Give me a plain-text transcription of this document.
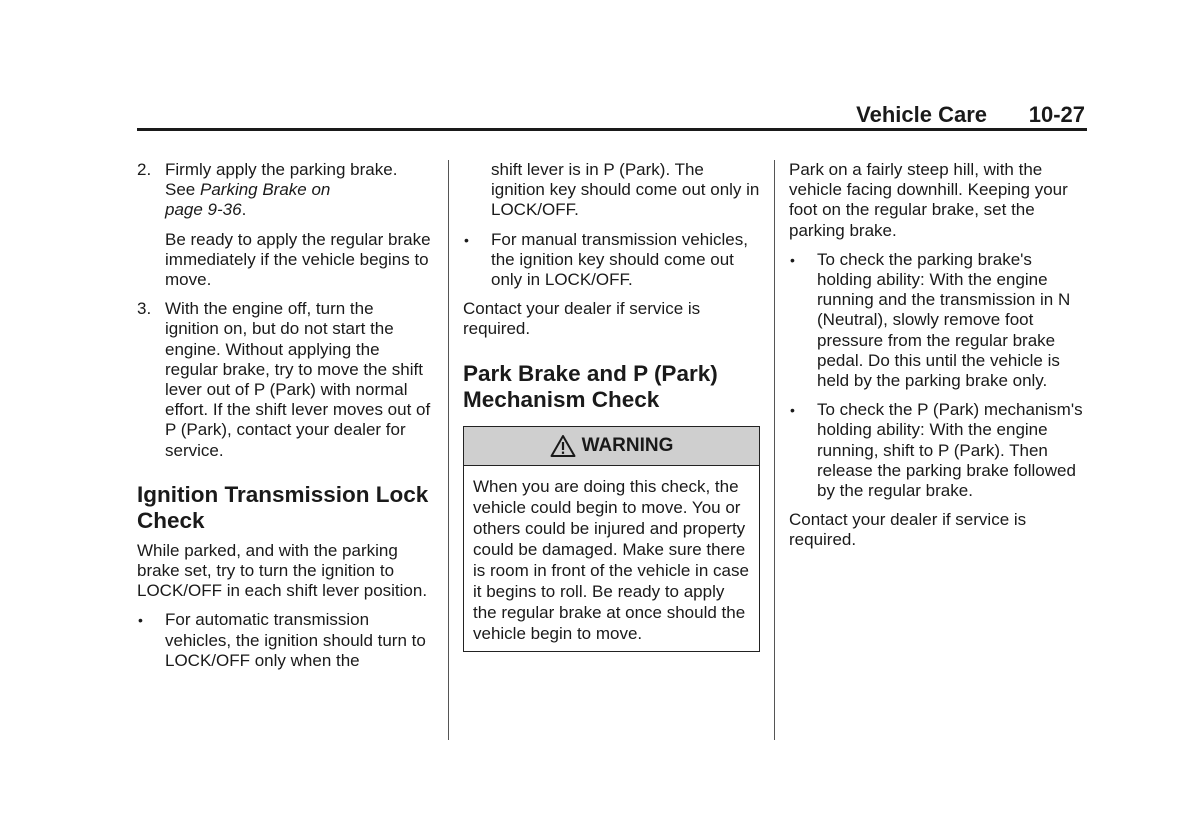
Vehicle Care 10-27
2. Firmly apply the parking brake.
See Parking Brake on
page 9-36.

Be ready to apply the regular brake immediately if the vehicle begins to move.

3. With the engine off, turn the ignition on, but do not start the engine. Without applying the regular brake, try to move the shift lever out of P (Park) with normal effort. If the shift lever moves out of P (Park), contact your dealer for service.
Ignition Transmission Lock Check

While parked, and with the parking brake set, try to turn the ignition to LOCK/OFF in each shift lever position.

• For automatic transmission vehicles, the ignition should turn to LOCK/OFF only when the

shift lever is in P (Park). The ignition key should come out only in LOCK/OFF.

• For manual transmission vehicles, the ignition key should come out only in LOCK/OFF.

Contact your dealer if service is required.

Park Brake and P (Park) Mechanism Check
WARNING
When you are doing this check, the vehicle could begin to move. You or others could be injured and property could be damaged. Make sure there is room in front of the vehicle in case it begins to roll. Be ready to apply the regular brake at once should the vehicle begin to move.

Park on a fairly steep hill, with the vehicle facing downhill. Keeping your foot on the regular brake, set the parking brake.

• To check the parking brake's holding ability: With the engine running and the transmission in N (Neutral), slowly remove foot pressure from the regular brake pedal. Do this until the vehicle is held by the parking brake only.
• To check the P (Park) mechanism's holding ability: With the engine running, shift to P (Park). Then release the parking brake followed by the regular brake.

Contact your dealer if service is required.
